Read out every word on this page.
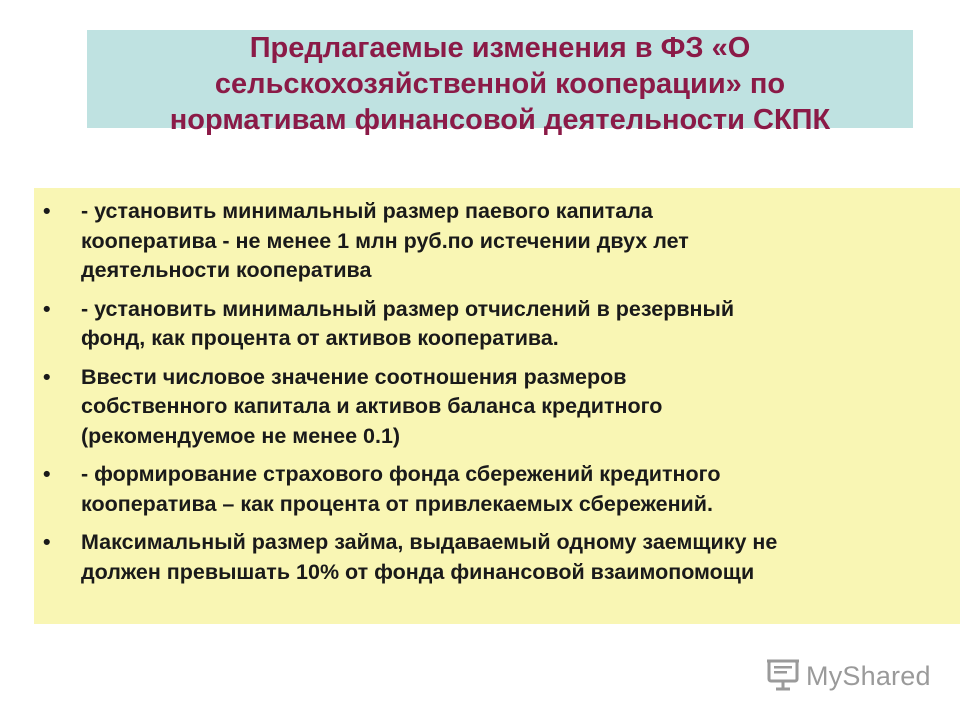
Предлагаемые изменения в ФЗ «О
сельскохозяйственной кооперации» по
нормативам финансовой деятельности СКПК
•	- установить минимальный размер паевого капитала
кооператива - не менее 1 млн руб.по истечении двух лет
деятельности кооператива
•	- установить минимальный размер отчислений в резервный
фонд, как процента от активов кооператива.
•	Ввести числовое значение соотношения размеров
собственного капитала и активов баланса кредитного
(рекомендуемое не менее 0.1)
•	- формирование страхового фонда сбережений кредитного
кооператива – как процента от привлекаемых сбережений.
•	Максимальный размер займа, выдаваемый одному заемщику не
должен превышать 10% от фонда финансовой взаимопомощи
MyShared
